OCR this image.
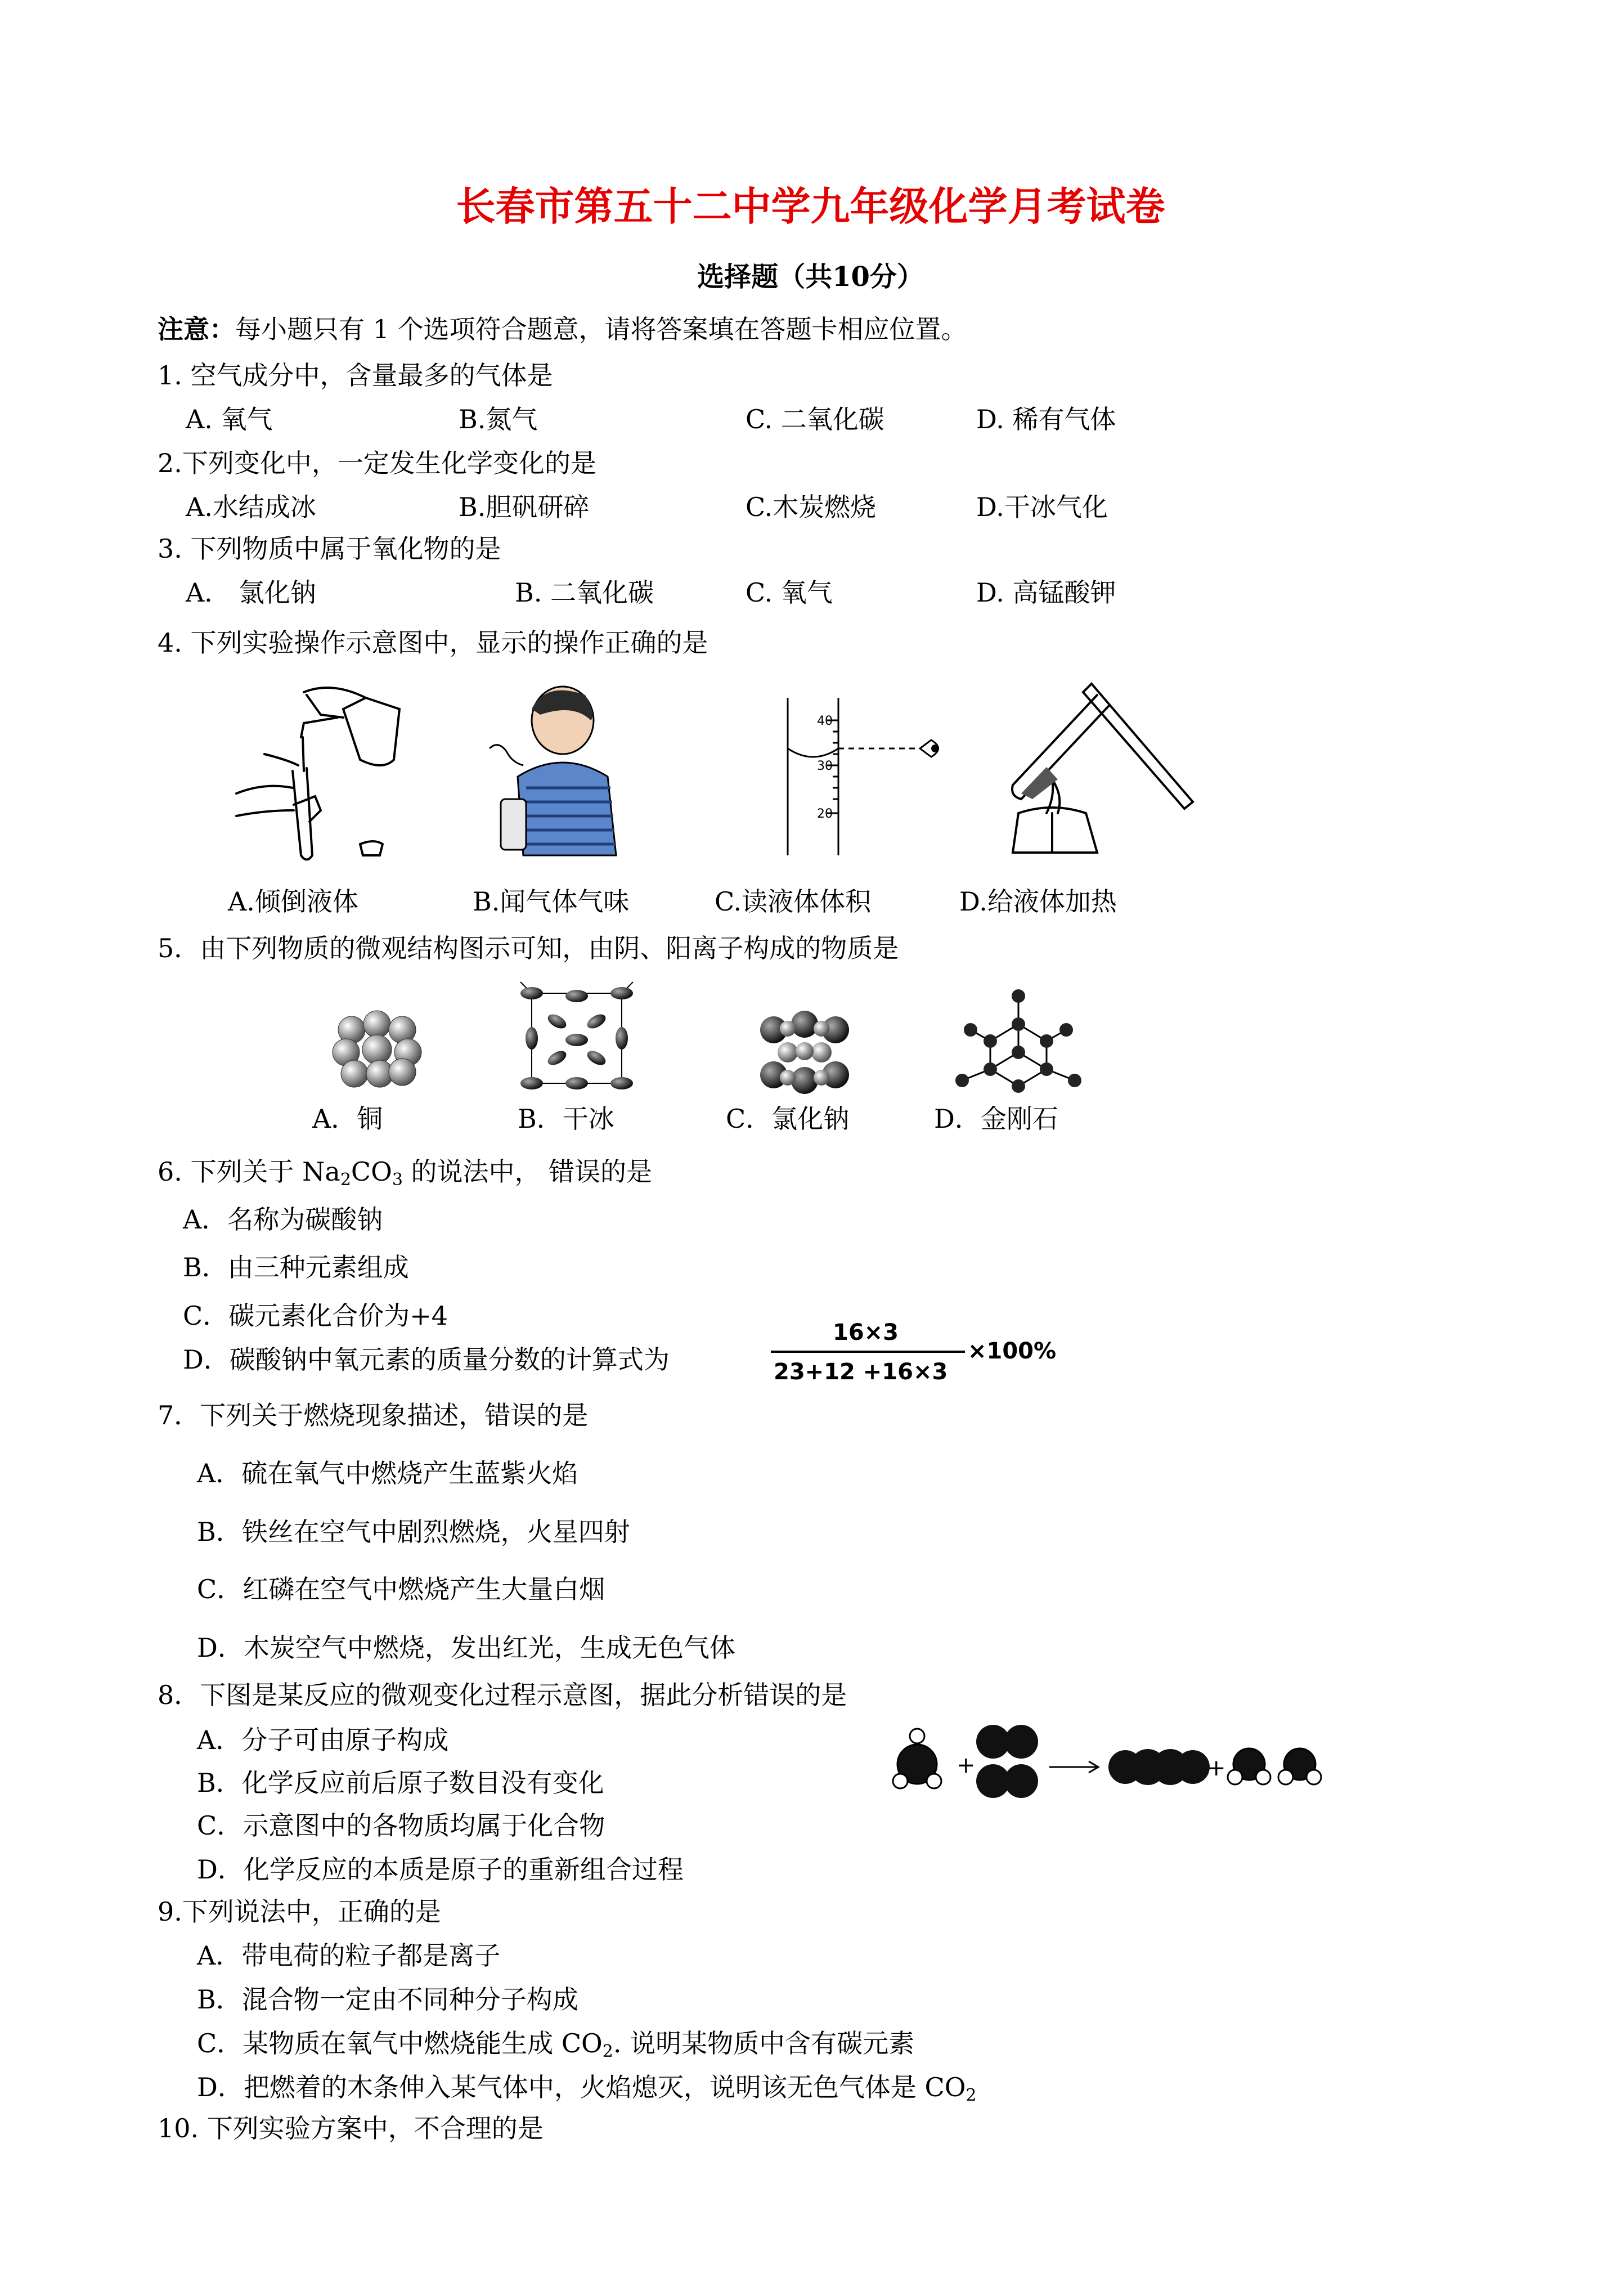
长春市第五十二中学九年级化学月考试卷
选择题（共10分）
注意：每小题只有 1 个选项符合题意，请将答案填在答题卡相应位置。
1. 空气成分中，含量最多的气体是
A. 氧气	B.氮气	C. 二氧化碳	D. 稀有气体
2.下列变化中，一定发生化学变化的是
A.水结成冰	B.胆矾研碎	C.木炭燃烧	D.干冰气化
3. 下列物质中属于氧化物的是
A． 氯化钠	B. 二氧化碳	C. 氧气	D. 高锰酸钾
4. 下列实验操作示意图中，显示的操作正确的是
40
30
20
A.倾倒液体	B.闻气体气味	C.读液体体积	D.给液体加热
5．由下列物质的微观结构图示可知，由阴、阳离子构成的物质是
A．铜	B．干冰	C．氯化钠	D．金刚石
6. 下列关于 $Na_2CO_3$ 的说法中， 错误的是
A．名称为碳酸钠
B．由三种元素组成
C．碳元素化合价为+4
D．碳酸钠中氧元素的质量分数的计算式为
16×3
23+12 +16×3
×100%
7．下列关于燃烧现象描述，错误的是
A．硫在氧气中燃烧产生蓝紫火焰
B．铁丝在空气中剧烈燃烧，火星四射
C．红磷在空气中燃烧产生大量白烟
D．木炭空气中燃烧，发出红光，生成无色气体
8．下图是某反应的微观变化过程示意图，据此分析错误的是
A．分子可由原子构成
B．化学反应前后原子数目没有变化
C．示意图中的各物质均属于化合物
D．化学反应的本质是原子的重新组合过程
+	+
9.下列说法中，正确的是
A．带电荷的粒子都是离子
B．混合物一定由不同种分子构成
C．某物质在氧气中燃烧能生成 $CO_2$. 说明某物质中含有碳元素
D．把燃着的木条伸入某气体中，火焰熄灭，说明该无色气体是 $CO_2$
10. 下列实验方案中，不合理的是
